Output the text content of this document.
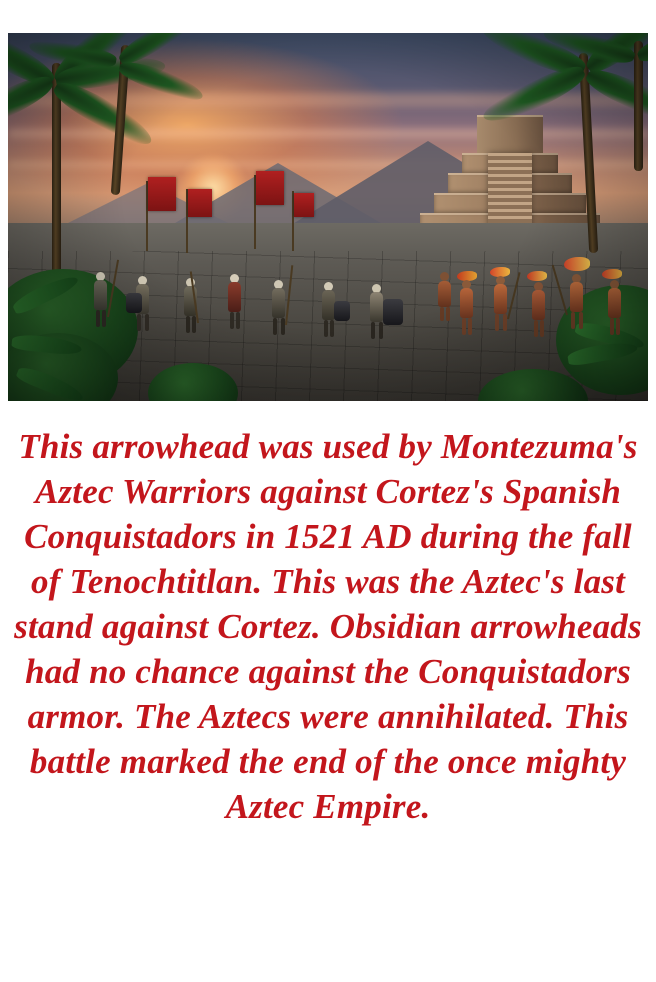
This arrowhead was used by Montezuma's Aztec Warriors against Cortez's Spanish Conquistadors in 1521 AD during the fall of Tenochtitlan. This was the Aztec's last stand against Cortez. Obsidian arrowheads had no chance against the Conquistadors armor. The Aztecs were annihilated. This battle marked the end of the once mighty Aztec Empire.
